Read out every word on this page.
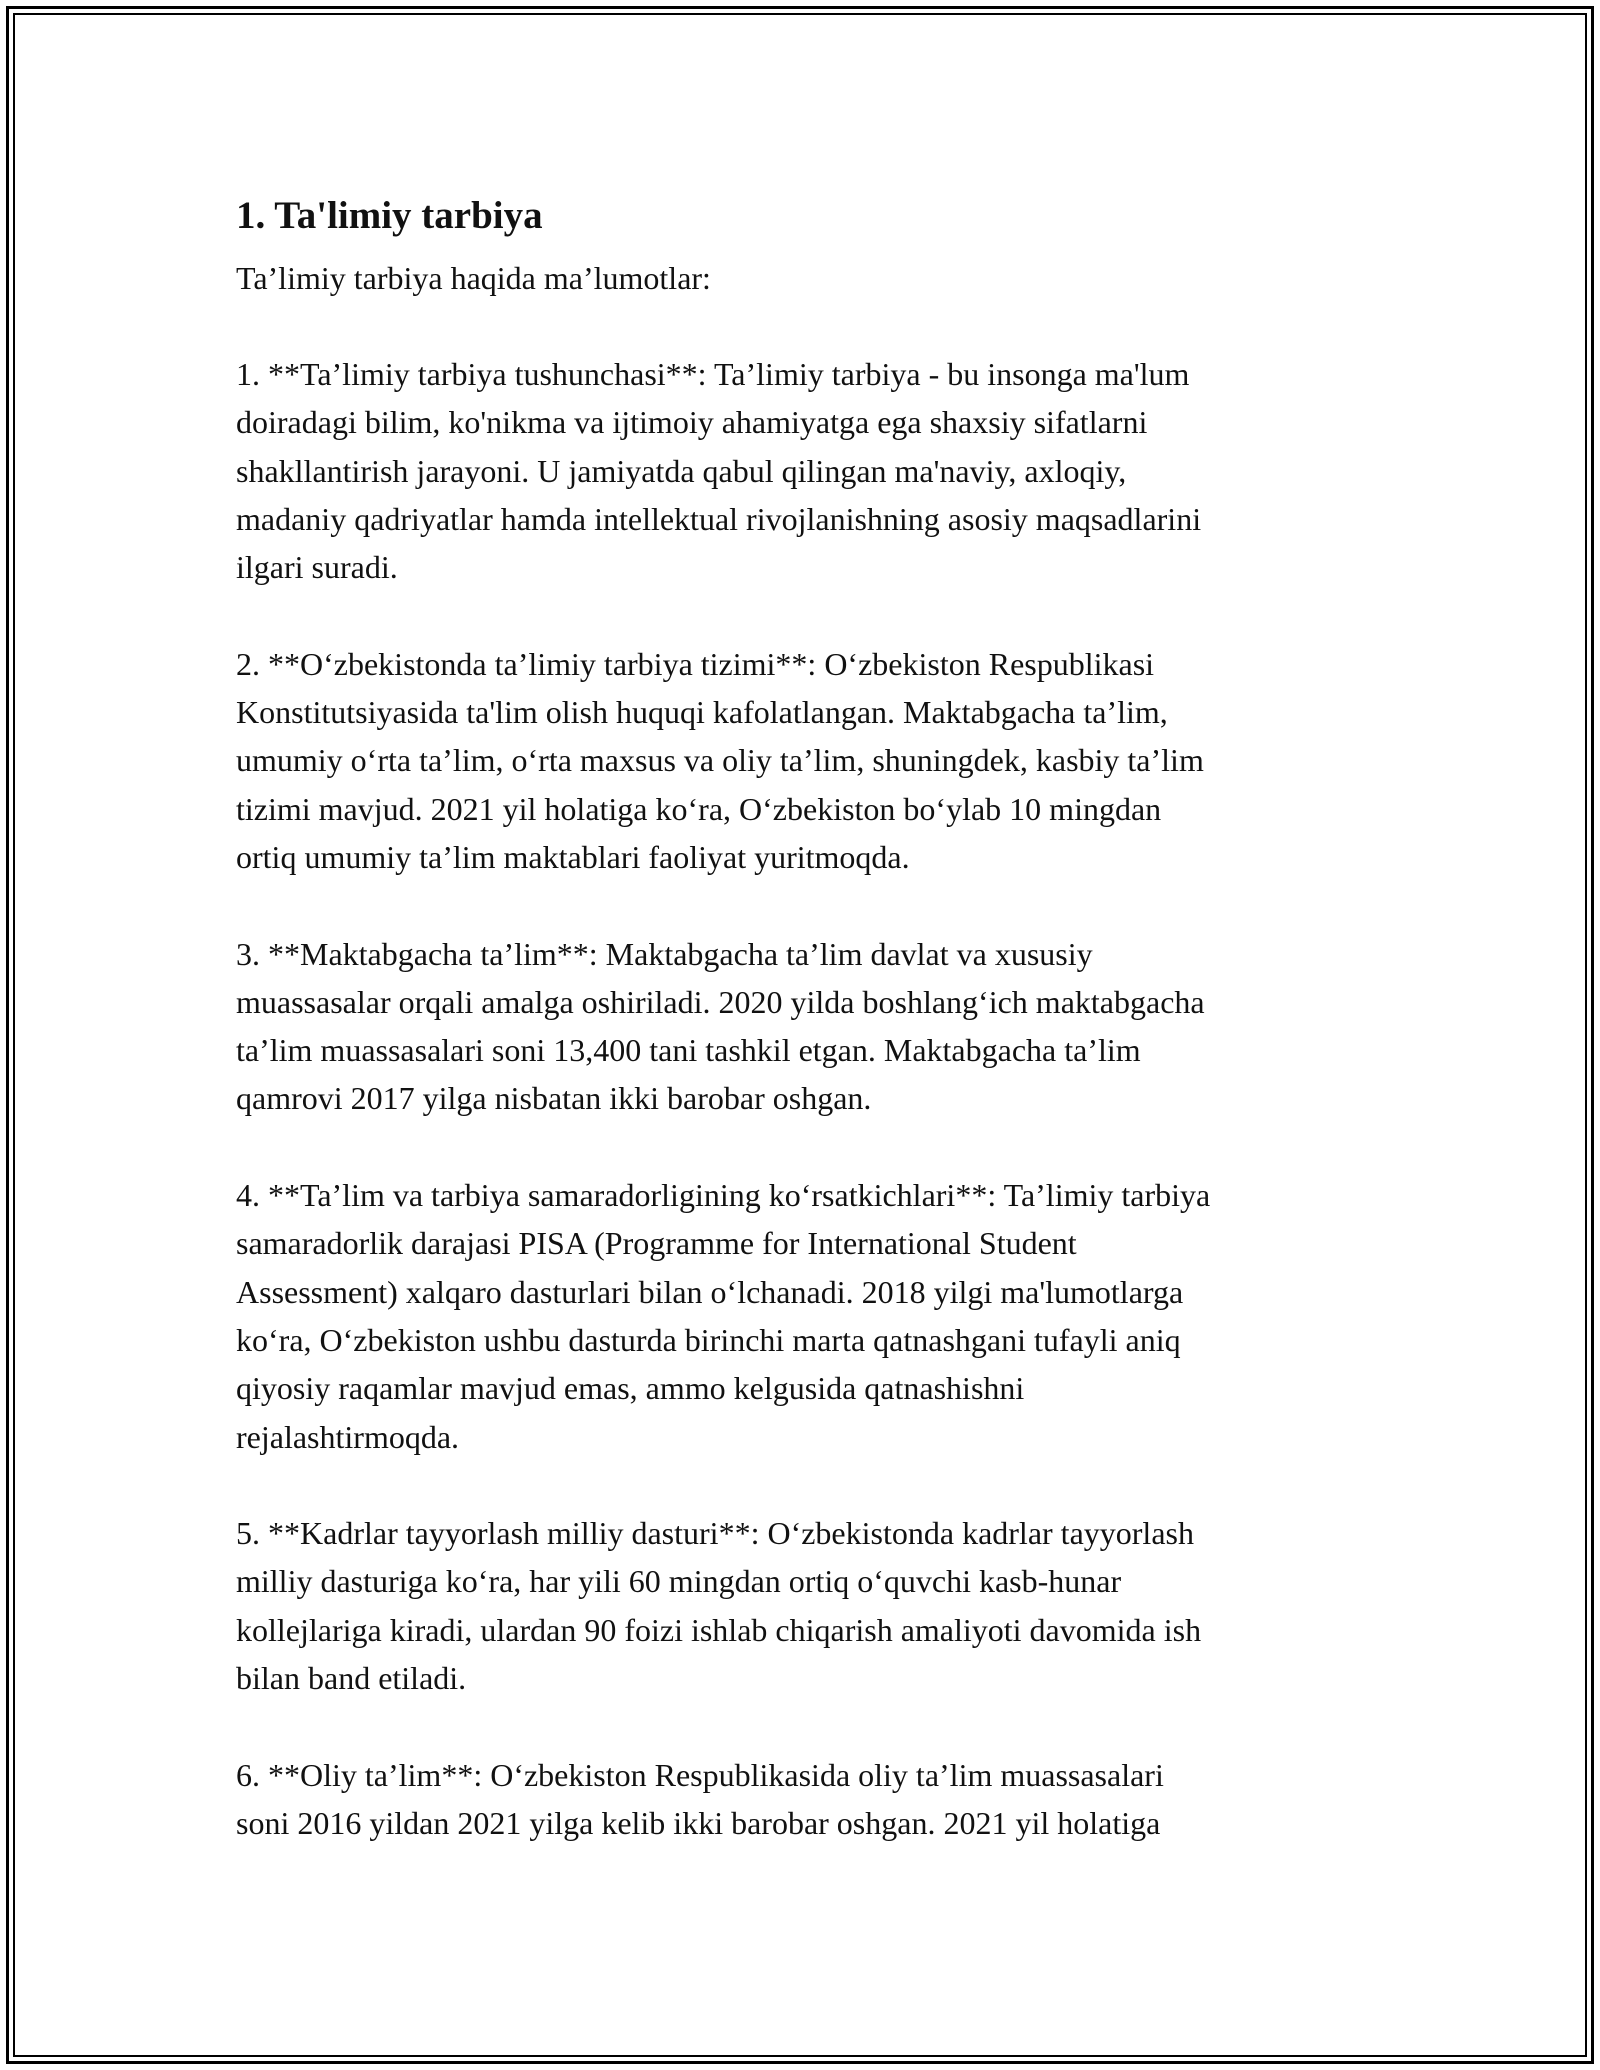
1. Ta'limiy tarbiya

Ta’limiy tarbiya haqida ma’lumotlar:

1. **Ta’limiy tarbiya tushunchasi**: Ta’limiy tarbiya - bu insonga ma'lum
doiradagi bilim, ko'nikma va ijtimoiy ahamiyatga ega shaxsiy sifatlarni
shakllantirish jarayoni. U jamiyatda qabul qilingan ma'naviy, axloqiy,
madaniy qadriyatlar hamda intellektual rivojlanishning asosiy maqsadlarini
ilgari suradi.

2. **O‘zbekistonda ta’limiy tarbiya tizimi**: O‘zbekiston Respublikasi
Konstitutsiyasida ta'lim olish huquqi kafolatlangan. Maktabgacha ta’lim,
umumiy o‘rta ta’lim, o‘rta maxsus va oliy ta’lim, shuningdek, kasbiy ta’lim
tizimi mavjud. 2021 yil holatiga ko‘ra, O‘zbekiston bo‘ylab 10 mingdan
ortiq umumiy ta’lim maktablari faoliyat yuritmoqda.

3. **Maktabgacha ta’lim**: Maktabgacha ta’lim davlat va xususiy
muassasalar orqali amalga oshiriladi. 2020 yilda boshlang‘ich maktabgacha
ta’lim muassasalari soni 13,400 tani tashkil etgan. Maktabgacha ta’lim
qamrovi 2017 yilga nisbatan ikki barobar oshgan.

4. **Ta’lim va tarbiya samaradorligining ko‘rsatkichlari**: Ta’limiy tarbiya
samaradorlik darajasi PISA (Programme for International Student
Assessment) xalqaro dasturlari bilan o‘lchanadi. 2018 yilgi ma'lumotlarga
ko‘ra, O‘zbekiston ushbu dasturda birinchi marta qatnashgani tufayli aniq
qiyosiy raqamlar mavjud emas, ammo kelgusida qatnashishni
rejalashtirmoqda.

5. **Kadrlar tayyorlash milliy dasturi**: O‘zbekistonda kadrlar tayyorlash
milliy dasturiga ko‘ra, har yili 60 mingdan ortiq o‘quvchi kasb-hunar
kollejlariga kiradi, ulardan 90 foizi ishlab chiqarish amaliyoti davomida ish
bilan band etiladi.

6. **Oliy ta’lim**: O‘zbekiston Respublikasida oliy ta’lim muassasalari
soni 2016 yildan 2021 yilga kelib ikki barobar oshgan. 2021 yil holatiga
